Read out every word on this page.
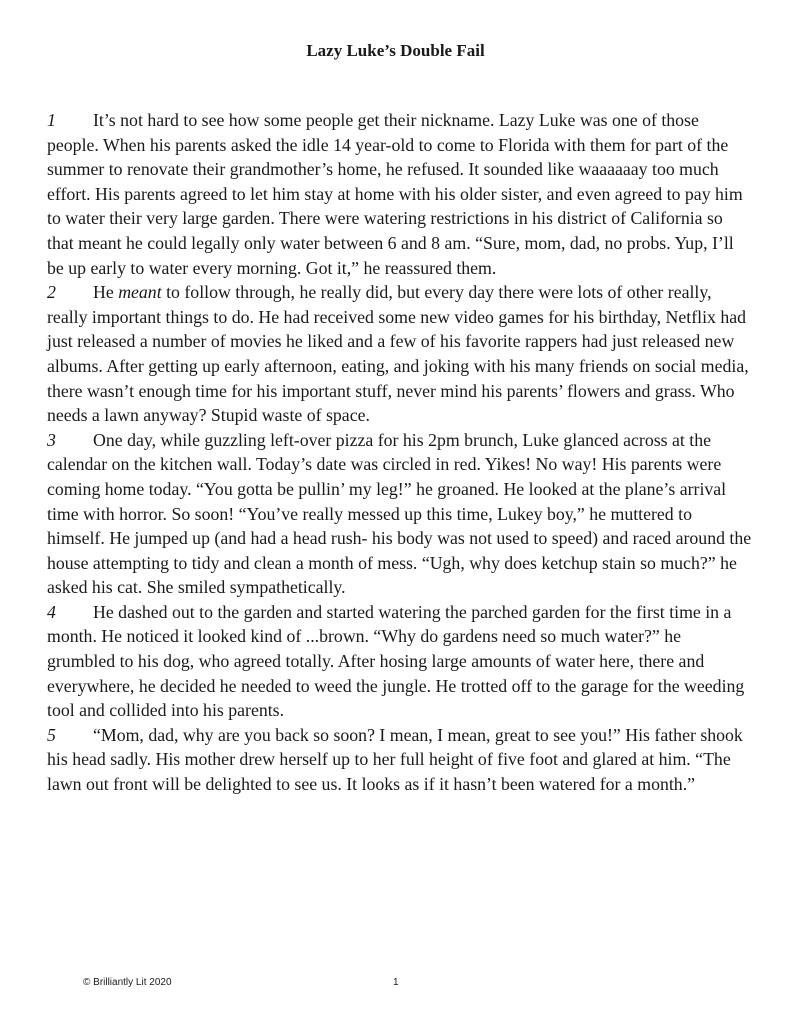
Lazy Luke’s Double Fail

1 It’s not hard to see how some people get their nickname. Lazy Luke was one of those people. When his parents asked the idle 14 year-old to come to Florida with them for part of the summer to renovate their grandmother’s home, he refused. It sounded like waaaaaay too much effort. His parents agreed to let him stay at home with his older sister, and even agreed to pay him to water their very large garden. There were watering restrictions in his district of California so that meant he could legally only water between 6 and 8 am. “Sure, mom, dad, no probs. Yup, I’ll be up early to water every morning. Got it,” he reassured them.

2 He meant to follow through, he really did, but every day there were lots of other really, really important things to do. He had received some new video games for his birthday, Netflix had just released a number of movies he liked and a few of his favorite rappers had just released new albums. After getting up early afternoon, eating, and joking with his many friends on social media, there wasn’t enough time for his important stuff, never mind his parents’ flowers and grass. Who needs a lawn anyway? Stupid waste of space.

3 One day, while guzzling left-over pizza for his 2pm brunch, Luke glanced across at the calendar on the kitchen wall. Today’s date was circled in red. Yikes! No way! His parents were coming home today. “You gotta be pullin’ my leg!” he groaned. He looked at the plane’s arrival time with horror. So soon! “You’ve really messed up this time, Lukey boy,” he muttered to himself. He jumped up (and had a head rush- his body was not used to speed) and raced around the house attempting to tidy and clean a month of mess. “Ugh, why does ketchup stain so much?” he asked his cat. She smiled sympathetically.

4 He dashed out to the garden and started watering the parched garden for the first time in a month. He noticed it looked kind of ...brown. “Why do gardens need so much water?” he grumbled to his dog, who agreed totally. After hosing large amounts of water here, there and everywhere, he decided he needed to weed the jungle. He trotted off to the garage for the weeding tool and collided into his parents.

5 “Mom, dad, why are you back so soon? I mean, I mean, great to see you!” His father shook his head sadly. His mother drew herself up to her full height of five foot and glared at him. “The lawn out front will be delighted to see us. It looks as if it hasn’t been watered for a month.”

© Brilliantly Lit 2020	1
